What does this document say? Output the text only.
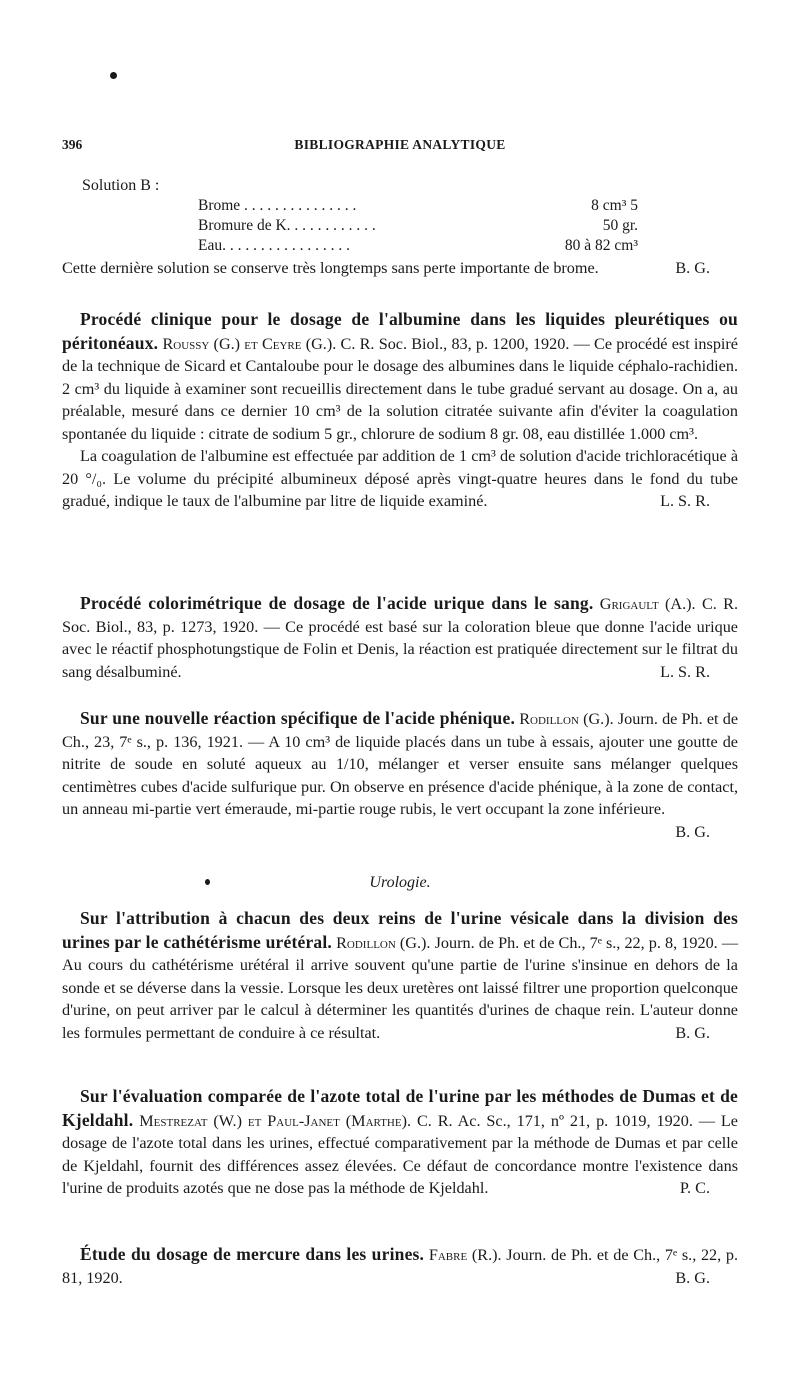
BIBLIOGRAPHIE ANALYTIQUE
396
Solution B :
Brome . . . . . . . . . . . . . . .	8 cm³ 5
Bromure de K. . . . . . . . . . . .	50 gr.
Eau. . . . . . . . . . . . . . . . .	80 à 82 cm³

Cette dernière solution se conserve très longtemps sans perte importante de brome.	B. G.

Procédé clinique pour le dosage de l'albumine dans les liquides pleurétiques ou péritonéaux. Roussy (G.) et Ceyre (G.). C. R. Soc. Biol., 83, p. 1200, 1920. — Ce procédé est inspiré de la technique de Sicard et Cantaloube pour le dosage des albumines dans le liquide céphalo-rachidien. 2 cm³ du liquide à examiner sont recueillis directement dans le tube gradué servant au dosage. On a, au préalable, mesuré dans ce dernier 10 cm³ de la solution citratée suivante afin d'éviter la coagulation spontanée du liquide : citrate de sodium 5 gr., chlorure de sodium 8 gr. 08, eau distillée 1.000 cm³.

La coagulation de l'albumine est effectuée par addition de 1 cm³ de solution d'acide trichloracétique à 20 °/₀. Le volume du précipité albumineux déposé après vingt-quatre heures dans le fond du tube gradué, indique le taux de l'albumine par litre de liquide examiné.	L. S. R.

Procédé colorimétrique de dosage de l'acide urique dans le sang. Grigault (A.). C. R. Soc. Biol., 83, p. 1273, 1920. — Ce procédé est basé sur la coloration bleue que donne l'acide urique avec le réactif phosphotungstique de Folin et Denis, la réaction est pratiquée directement sur le filtrat du sang désalbuminé.	L. S. R.

Sur une nouvelle réaction spécifique de l'acide phénique. Rodillon (G.). Journ. de Ph. et de Ch., 23, 7ᵉ s., p. 136, 1921. — A 10 cm³ de liquide placés dans un tube à essais, ajouter une goutte de nitrite de soude en soluté aqueux au 1/10, mélanger et verser ensuite sans mélanger quelques centimètres cubes d'acide sulfurique pur. On observe en présence d'acide phénique, à la zone de contact, un anneau mi-partie vert émeraude, mi-partie rouge rubis, le vert occupant la zone inférieure.
B. G.

Urologie.

Sur l'attribution à chacun des deux reins de l'urine vésicale dans la division des urines par le cathétérisme urétéral. Rodillon (G.). Journ. de Ph. et de Ch., 7ᵉ s., 22, p. 8, 1920. — Au cours du cathétérisme urétéral il arrive souvent qu'une partie de l'urine s'insinue en dehors de la sonde et se déverse dans la vessie. Lorsque les deux uretères ont laissé filtrer une proportion quelconque d'urine, on peut arriver par le calcul à déterminer les quantités d'urines de chaque rein. L'auteur donne les formules permettant de conduire à ce résultat.	B. G.

Sur l'évaluation comparée de l'azote total de l'urine par les méthodes de Dumas et de Kjeldahl. Mestrezat (W.) et Paul-Janet (Marthe). C. R. Ac. Sc., 171, nº 21, p. 1019, 1920. — Le dosage de l'azote total dans les urines, effectué comparativement par la méthode de Dumas et par celle de Kjeldahl, fournit des différences assez élevées. Ce défaut de concordance montre l'existence dans l'urine de produits azotés que ne dose pas la méthode de Kjeldahl.	P. C.

Étude du dosage de mercure dans les urines. Fabre (R.). Journ. de Ph. et de Ch., 7ᵉ s., 22, p. 81, 1920.	B. G.
